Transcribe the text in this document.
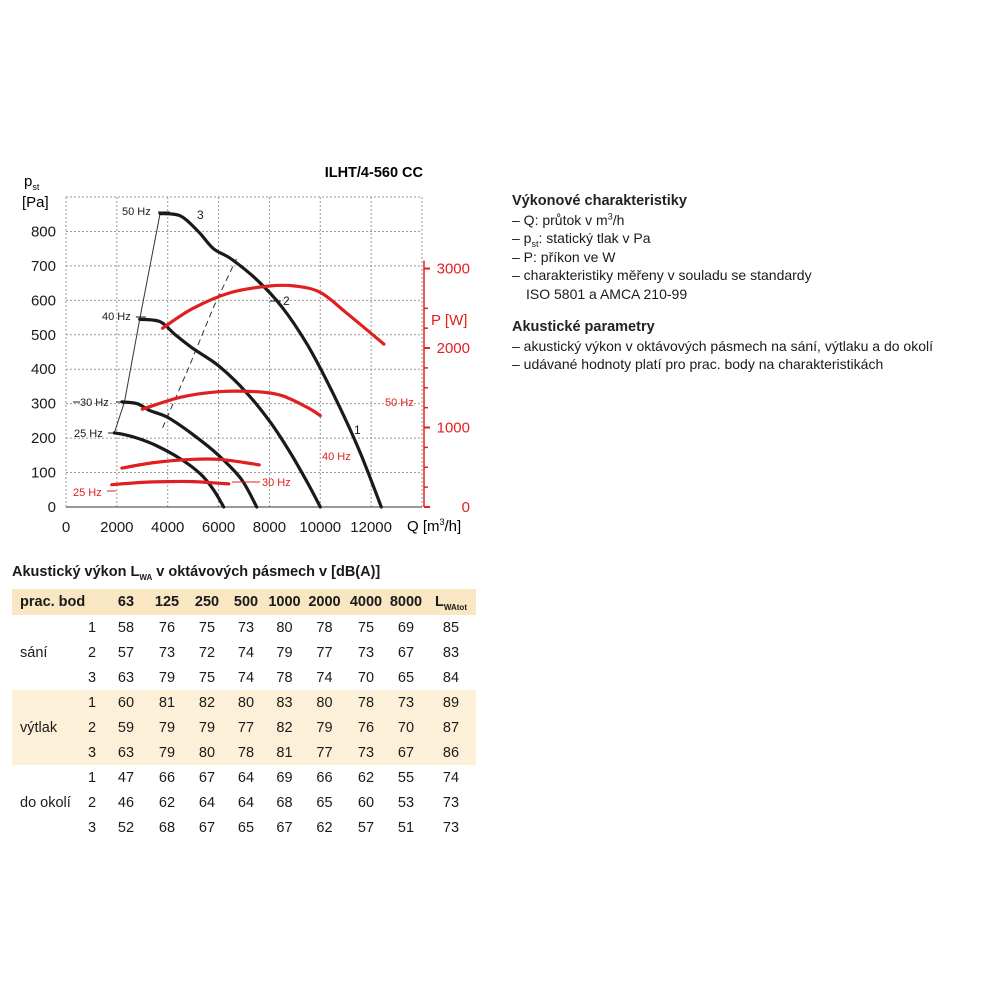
ILHT/4-560 CC
$p_{st}$
[Pa]
P [W]
Q $[m^3/h]$
0 2000 4000 6000 8000 10000 12000
0
100
200
300
400
500
600
700
800
0
1000
2000
3000
50 Hz
40 Hz
30 Hz
25 Hz
3
2
1
50 Hz
40 Hz
30 Hz
25 Hz
Výkonové charakteristiky
– Q: průtok v $m^3/h$
– $p_{st}$: statický tlak v Pa
– P: příkon ve W
– charakteristiky měřeny v souladu se standardy
ISO 5801 a AMCA 210-99
Akustické parametry
– akustický výkon v oktávových pásmech na sání, výtlaku a do okolí
– udávané hodnoty platí pro prac. body na charakteristikách
Akustický výkon $L_{WA}$ v oktávových pásmech v [dB(A)]
prac. bod		63	125	250	500	1000	2000	4000	8000	$L_{WAtot}$
	1	58	76	75	73	80	78	75	69	85
sání	2	57	73	72	74	79	77	73	67	83
	3	63	79	75	74	78	74	70	65	84
	1	60	81	82	80	83	80	78	73	89
výtlak	2	59	79	79	77	82	79	76	70	87
	3	63	79	80	78	81	77	73	67	86
	1	47	66	67	64	69	66	62	55	74
do okolí	2	46	62	64	64	68	65	60	53	73
	3	52	68	67	65	67	62	57	51	73
